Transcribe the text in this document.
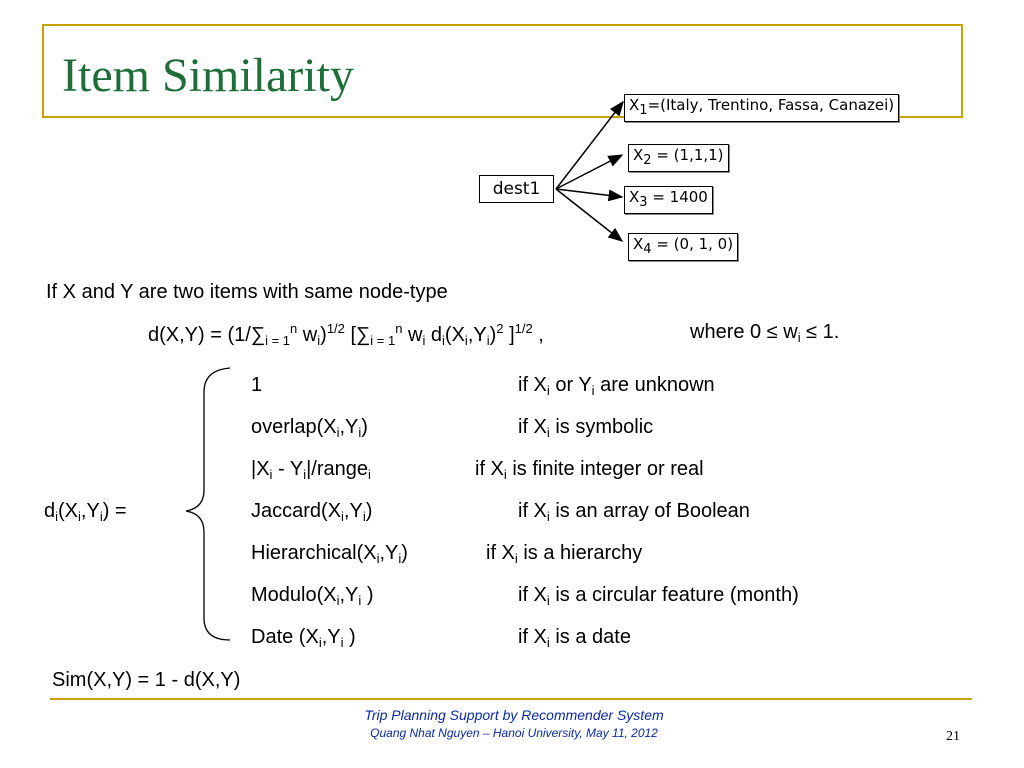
Item Similarity
dest1
X1=(Italy, Trentino, Fassa, Canazei)
X2 = (1,1,1)
X3 = 1400
X4 = (0, 1, 0)
If X and Y are two items with same node-type
$d(X,Y) = (1/\sum_{i = 1}^n$ $w_i)^{1/2}$ [$\sum_{i = 1}^n$ $w_i$ $d_i(X_i,Y_i)^2$ ]$^{1/2}$ ,	where $0 \le w_i \le 1$.
$d_i(X_i,Y_i)$ =
1	if $X_i$ or $Y_i$ are unknown
$overlap(X_i,Y_i)$	if $X_i$ is symbolic
$|X_i$ - $Y_i|/range_i$	if $X_i$ is finite integer or real
$Jaccard(X_i,Y_i)$	if $X_i$ is an array of Boolean
$Hierarchical(X_i,Y_i)$	if $X_i$ is a hierarchy
$Modulo(X_i,Y_i$ )	if $X_i$ is a circular feature (month)
Date ($X_i,Y_i$ )	if $X_i$ is a date
Sim(X,Y) = 1 - d(X,Y)
Trip Planning Support by Recommender System
Quang Nhat Nguyen – Hanoi University, May 11, 2012	21
